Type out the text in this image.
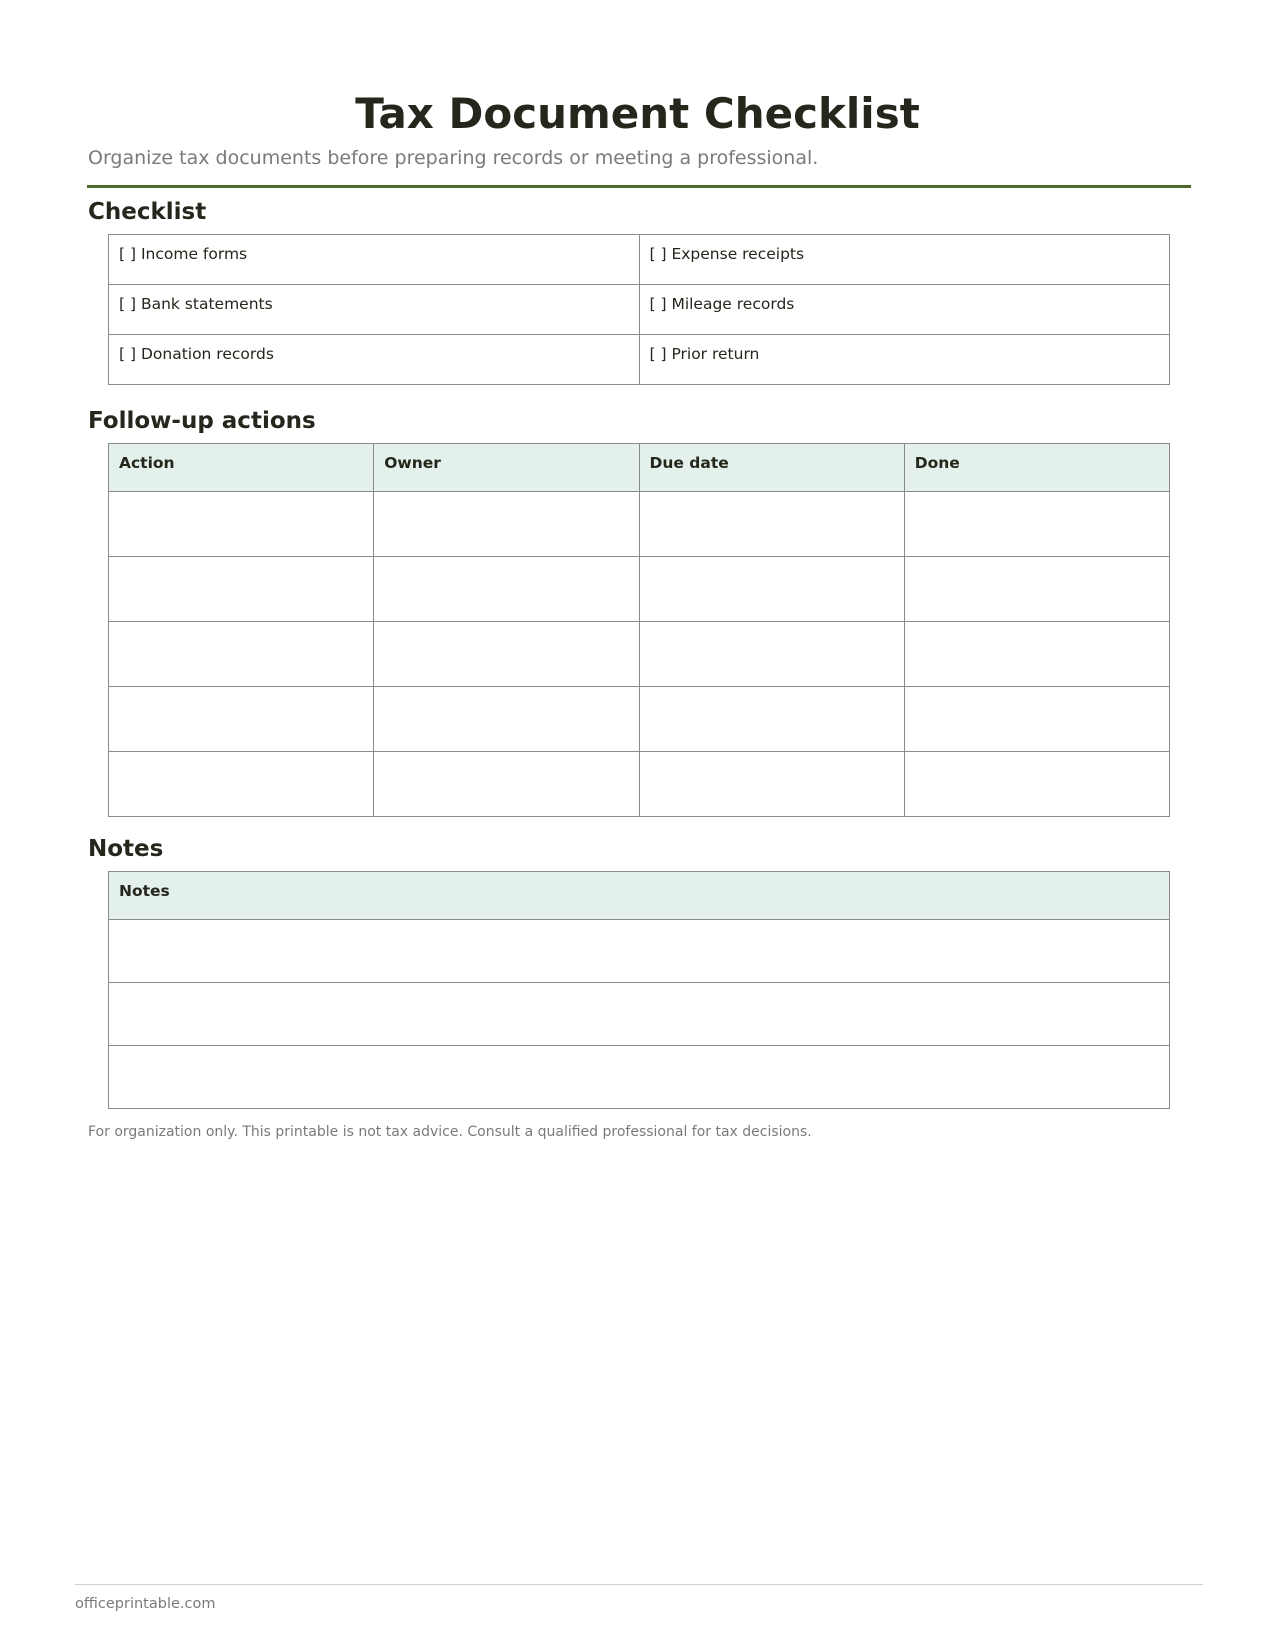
Tax Document Checklist

Organize tax documents before preparing records or meeting a professional.

Checklist
[ ] Income forms	[ ] Expense receipts
[ ] Bank statements	[ ] Mileage records
[ ] Donation records	[ ] Prior return
Follow-up actions
Action	Owner	Due date	Done

Notes
Notes

For organization only. This printable is not tax advice. Consult a qualified professional for tax decisions.

officeprintable.com
